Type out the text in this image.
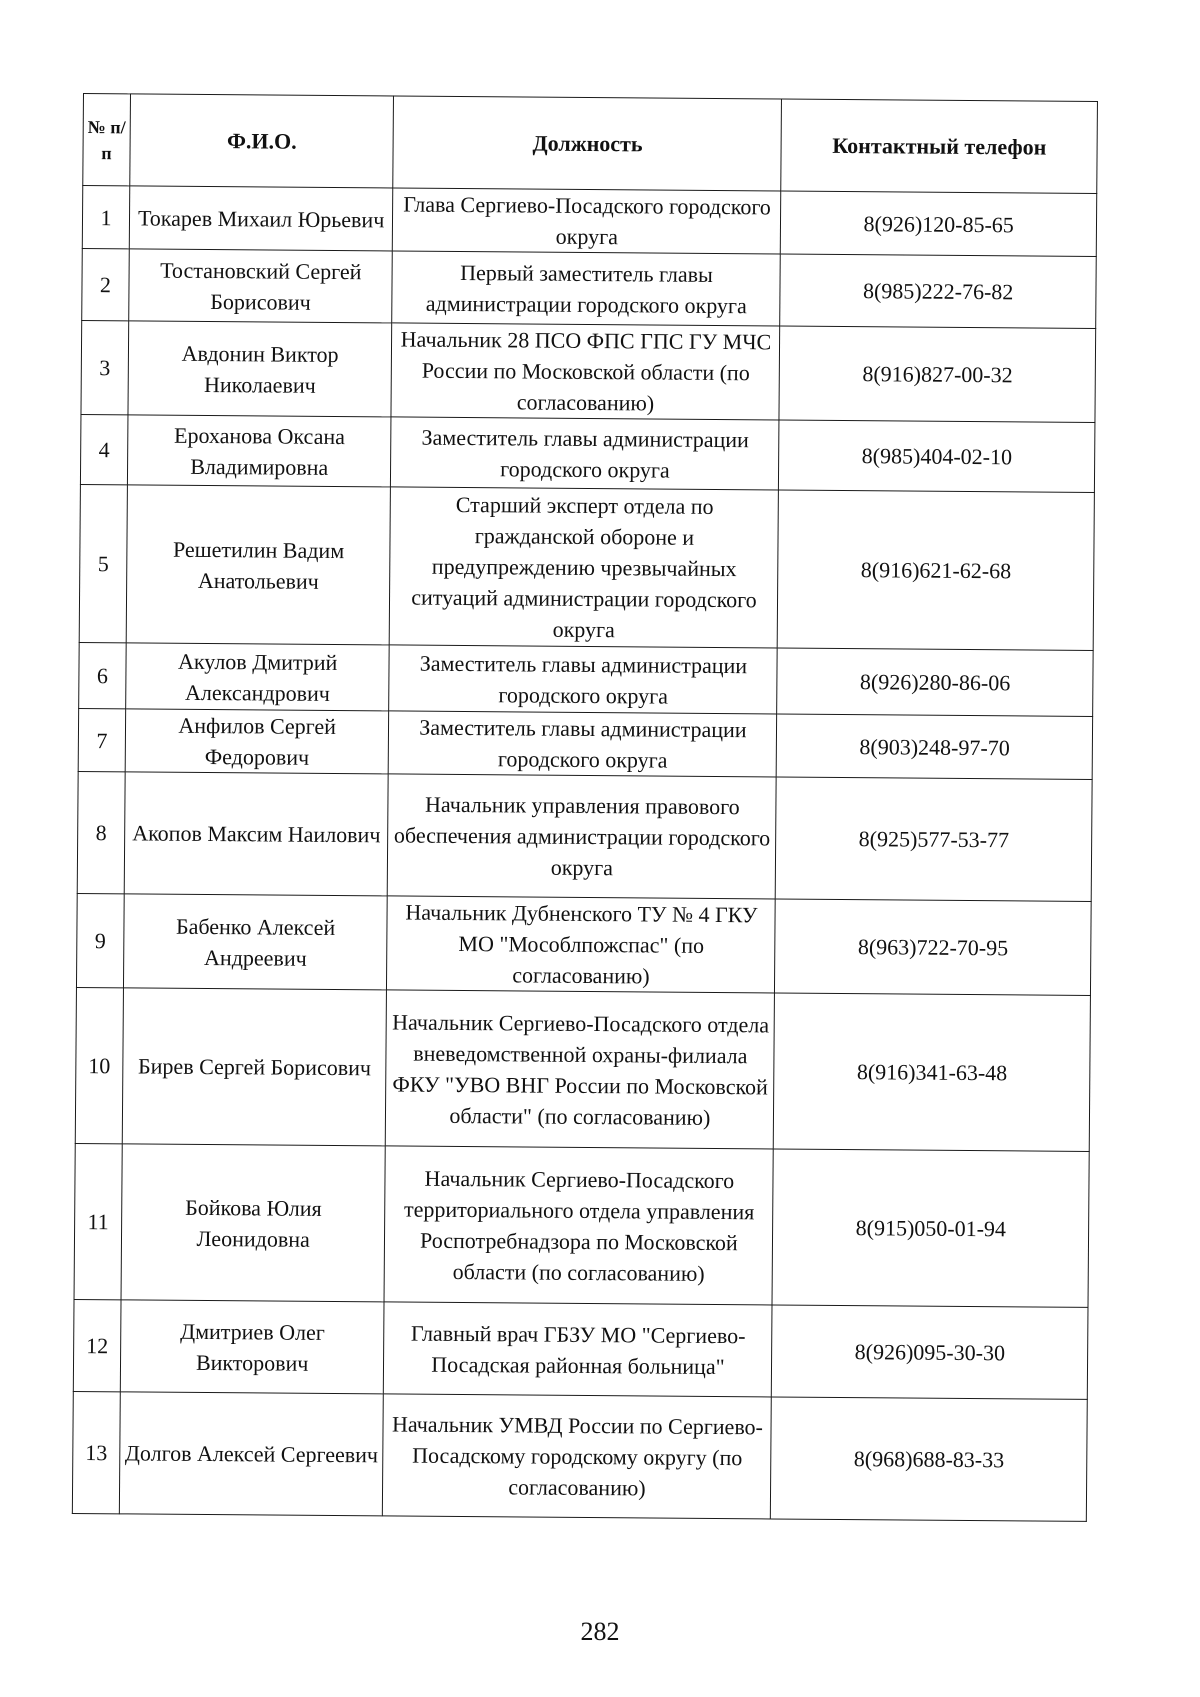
№ п/ п	Ф.И.О.	Должность	Контактный телефон
1	Токарев Михаил Юрьевич	Глава Сергиево-Посадского городского округа	8(926)120-85-65
2	Тостановский Сергей Борисович	Первый заместитель главы администрации городского округа	8(985)222-76-82
3	Авдонин Виктор Николаевич	Начальник 28 ПСО ФПС ГПС ГУ МЧС России по Московской области (по согласованию)	8(916)827-00-32
4	Ероханова Оксана Владимировна	Заместитель главы администрации городского округа	8(985)404-02-10
5	Решетилин Вадим Анатольевич	Старший эксперт отдела по гражданской обороне и предупреждению чрезвычайных ситуаций администрации городского округа	8(916)621-62-68
6	Акулов Дмитрий Александрович	Заместитель главы администрации городского округа	8(926)280-86-06
7	Анфилов Сергей Федорович	Заместитель главы администрации городского округа	8(903)248-97-70
8	Акопов Максим Наилович	Начальник управления правового обеспечения администрации городского округа	8(925)577-53-77
9	Бабенко Алексей Андреевич	Начальник Дубненского ТУ № 4 ГКУ МО "Мособлпожспас" (по согласованию)	8(963)722-70-95
10	Бирев Сергей Борисович	Начальник Сергиево-Посадского отдела вневедомственной охраны-филиала ФКУ "УВО ВНГ России по Московской области" (по согласованию)	8(916)341-63-48
11	Бойкова Юлия Леонидовна	Начальник Сергиево-Посадского территориального отдела управления Роспотребнадзора по Московской области (по согласованию)	8(915)050-01-94
12	Дмитриев Олег Викторович	Главный врач ГБЗУ МО "Сергиево-Посадская районная больница"	8(926)095-30-30
13	Долгов Алексей Сергеевич	Начальник УМВД России по Сергиево-Посадскому городскому округу (по согласованию)	8(968)688-83-33
282
